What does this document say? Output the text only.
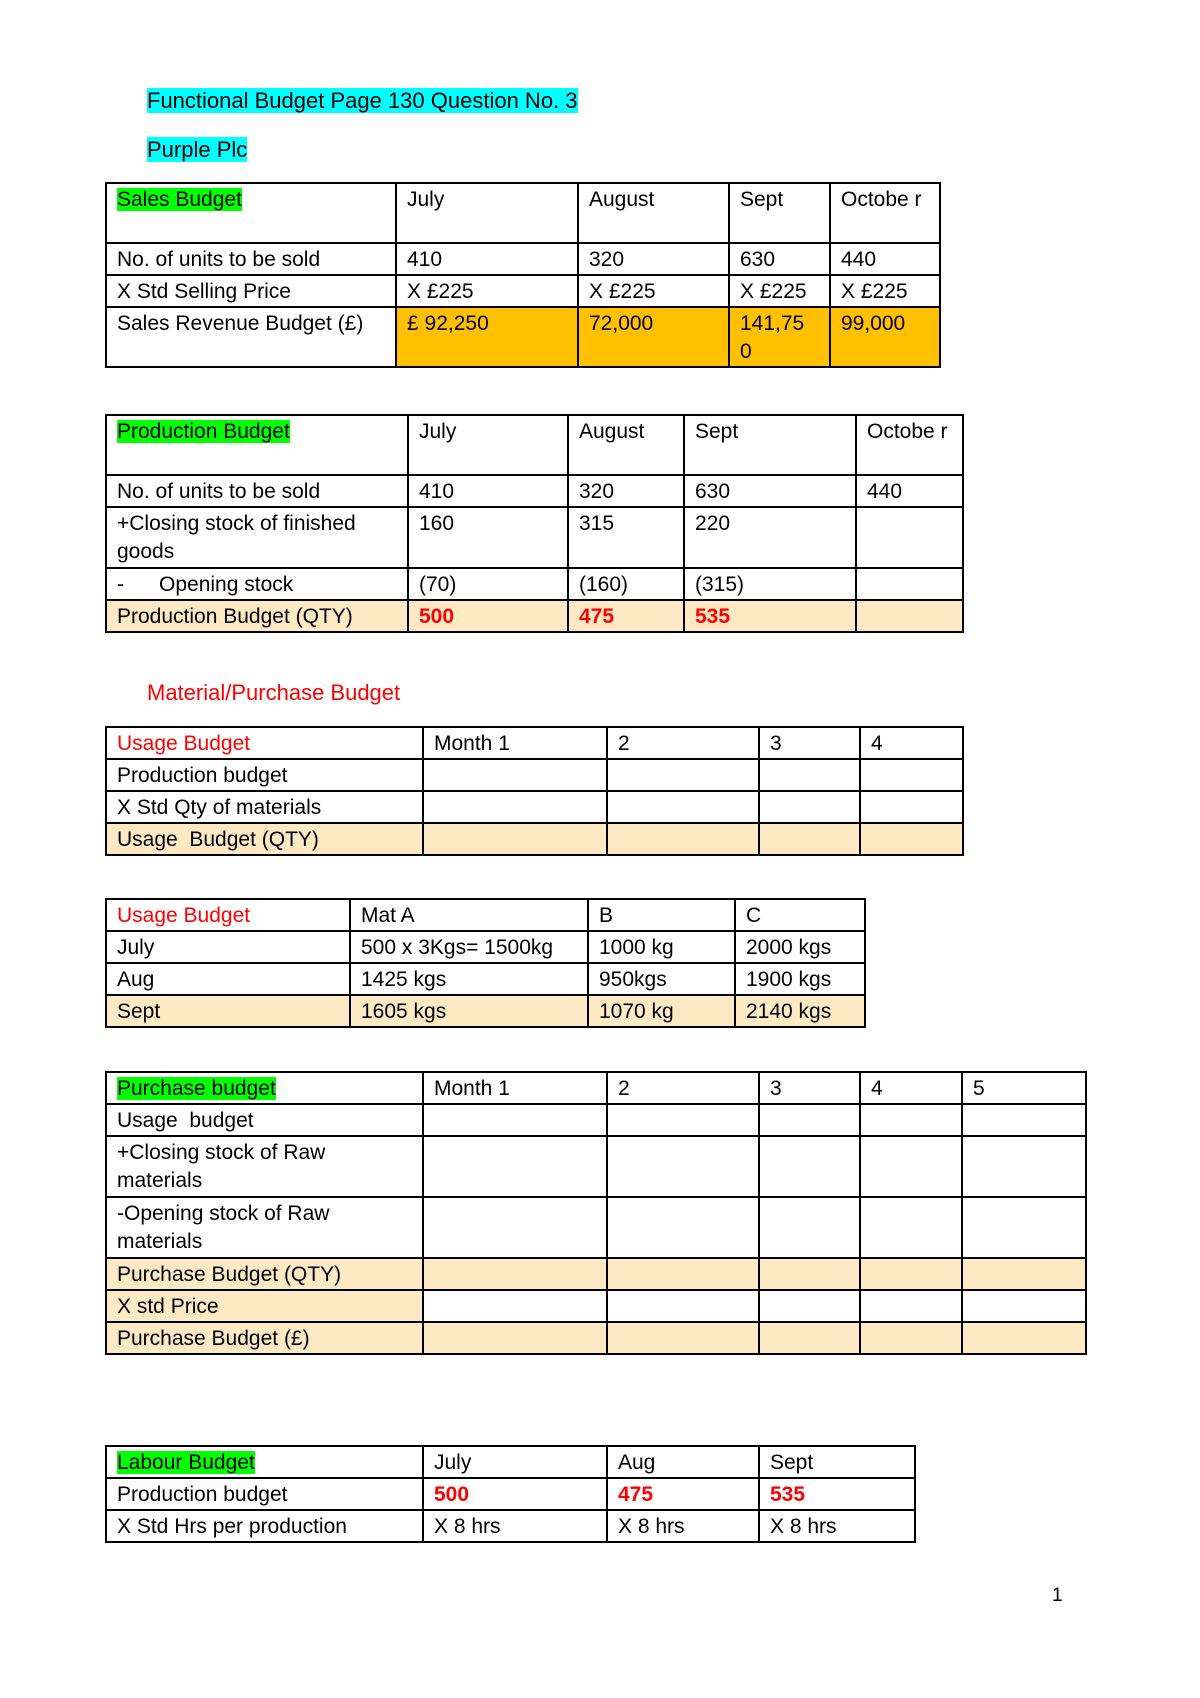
Functional Budget Page 130 Question No. 3
Purple Plc
Sales Budget	July	August	Sept	Octobe r
No. of units to be sold	410	320	630	440
X Std Selling Price	X £225	X £225	X £225	X £225
Sales Revenue Budget (£)	£ 92,250	72,000	141,75 0	99,000
Production Budget	July	August	Sept	Octobe r
No. of units to be sold	410	320	630	440
+Closing stock of finished goods	160	315	220	
-      Opening stock	(70)	(160)	(315)	
Production Budget (QTY)	500	475	535	
Material/Purchase Budget
Usage Budget	Month 1	2	3	4
Production budget				
X Std Qty of materials				
Usage  Budget (QTY)				
Usage Budget	Mat A	B	C
July	500 x 3Kgs= 1500kg	1000 kg	2000 kgs
Aug	1425 kgs	950kgs	1900 kgs
Sept	1605 kgs	1070 kg	2140 kgs
Purchase budget	Month 1	2	3	4	5
Usage  budget					
+Closing stock of Raw materials					
-Opening stock of Raw materials					
Purchase Budget (QTY)					
X std Price					
Purchase Budget (£)					
Labour Budget	July	Aug	Sept
Production budget	500	475	535
X Std Hrs per production	X 8 hrs	X 8 hrs	X 8 hrs
1
